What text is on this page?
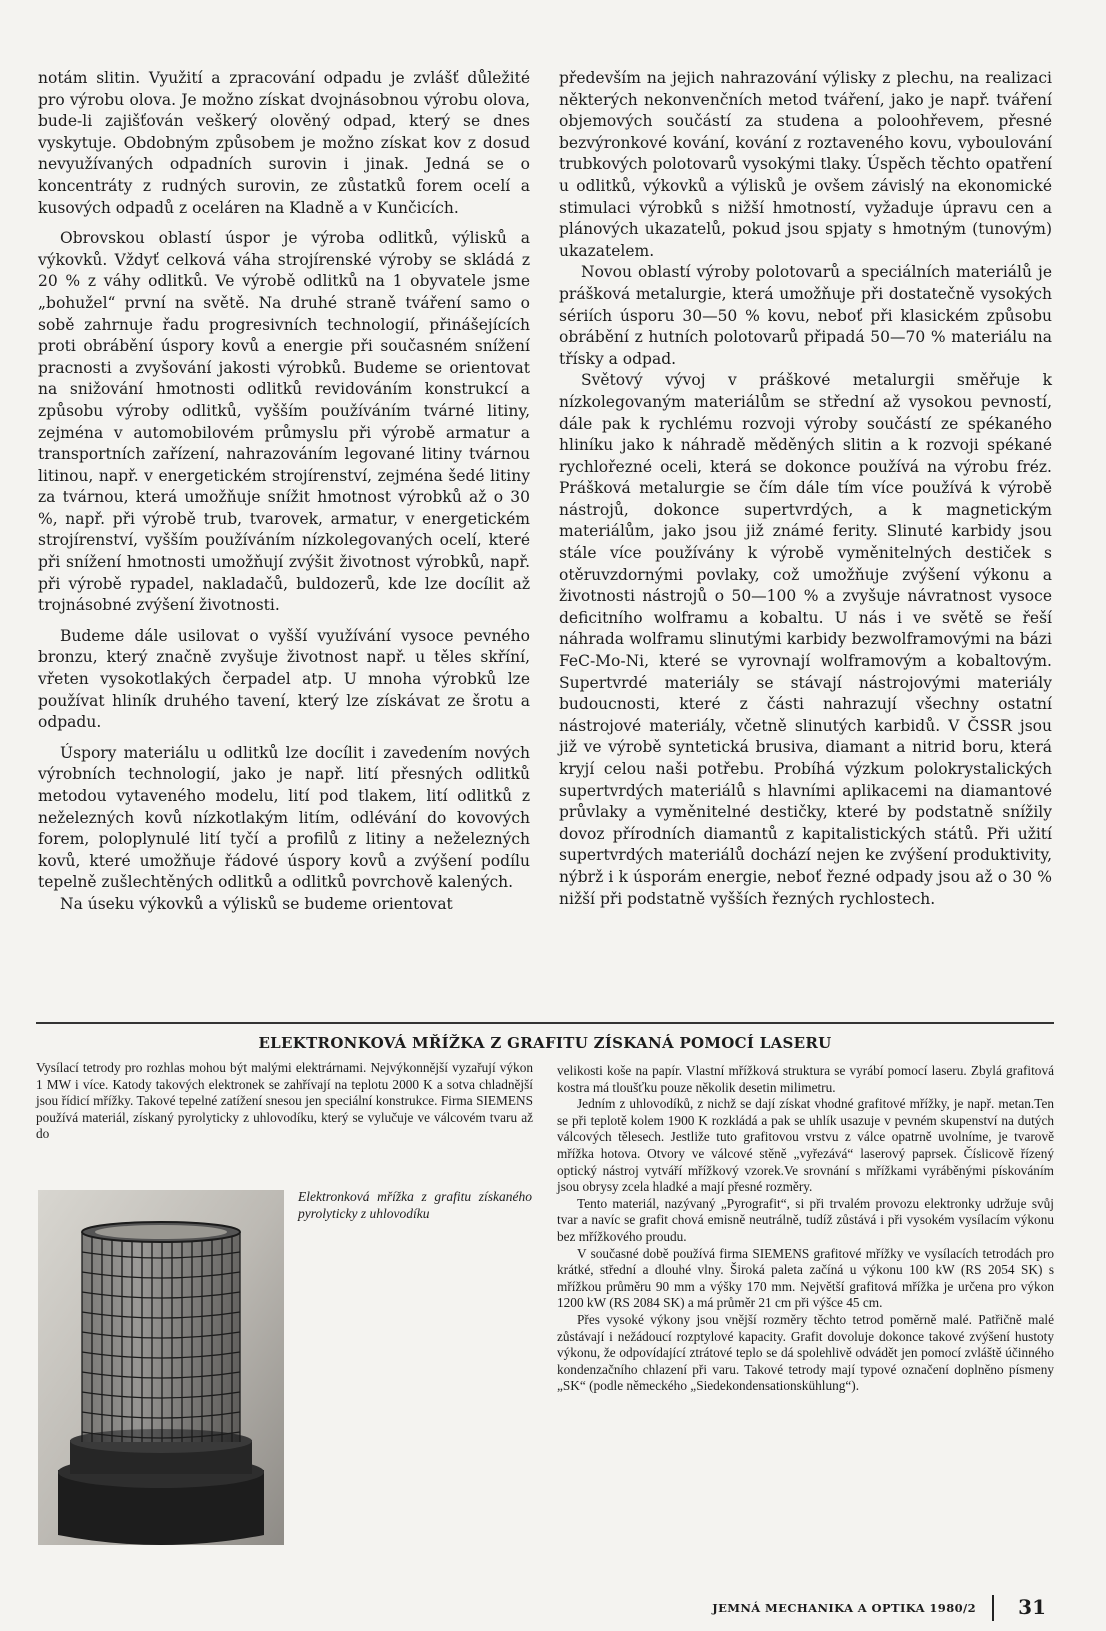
notám slitin. Využití a zpracování odpadu je zvlášť důležité pro výrobu olova. Je možno získat dvojnásobnou výrobu olova, bude-li zajišťován veškerý olověný odpad, který se dnes vyskytuje. Obdobným způsobem je možno získat kov z dosud nevyužívaných odpadních surovin i jinak. Jedná se o koncentráty z rudných surovin, ze zůstatků forem ocelí a kusových odpadů z oceláren na Kladně a v Kunčicích.

Obrovskou oblastí úspor je výroba odlitků, výlisků a výkovků. Vždyť celková váha strojírenské výroby se skládá z 20 % z váhy odlitků. Ve výrobě odlitků na 1 obyvatele jsme „bohužel“ první na světě. Na druhé straně tváření samo o sobě zahrnuje řadu progresivních technologií, přinášejících proti obrábění úspory kovů a energie při současném snížení pracnosti a zvyšování jakosti výrobků. Budeme se orientovat na snižování hmotnosti odlitků revidováním konstrukcí a způsobu výroby odlitků, vyšším používáním tvárné litiny, zejména v automobilovém průmyslu při výrobě armatur a transportních zařízení, nahrazováním legované litiny tvárnou litinou, např. v energetickém strojírenství, zejména šedé litiny za tvárnou, která umožňuje snížit hmotnost výrobků až o 30 %, např. při výrobě trub, tvarovek, armatur, v energetickém strojírenství, vyšším používáním nízkolegovaných ocelí, které při snížení hmotnosti umožňují zvýšit životnost výrobků, např. při výrobě rypadel, nakladačů, buldozerů, kde lze docílit až trojnásobné zvýšení životnosti.

Budeme dále usilovat o vyšší využívání vysoce pevného bronzu, který značně zvyšuje životnost např. u těles skříní, vřeten vysokotlakých čerpadel atp. U mnoha výrobků lze používat hliník druhého tavení, který lze získávat ze šrotu a odpadu.

Úspory materiálu u odlitků lze docílit i zavedením nových výrobních technologií, jako je např. lití přesných odlitků metodou vytaveného modelu, lití pod tlakem, lití odlitků z neželezných kovů nízkotlakým litím, odlévání do kovových forem, poloplynulé lití tyčí a profilů z litiny a neželezných kovů, které umožňuje řádové úspory kovů a zvýšení podílu tepelně zušlechtěných odlitků a odlitků povrchově kalených.

Na úseku výkovků a výlisků se budeme orientovat

především na jejich nahrazování výlisky z plechu, na realizaci některých nekonvenčních metod tváření, jako je např. tváření objemových součástí za studena a poloohřevem, přesné bezvýronkové kování, kování z roztaveného kovu, vyboulování trubkových polotovarů vysokými tlaky. Úspěch těchto opatření u odlitků, výkovků a výlisků je ovšem závislý na ekonomické stimulaci výrobků s nižší hmotností, vyžaduje úpravu cen a plánových ukazatelů, pokud jsou spjaty s hmotným (tunovým) ukazatelem.

Novou oblastí výroby polotovarů a speciálních materiálů je prášková metalurgie, která umožňuje při dostatečně vysokých sériích úsporu 30—50 % kovu, neboť při klasickém způsobu obrábění z hutních polotovarů připadá 50—70 % materiálu na třísky a odpad.

Světový vývoj v práškové metalurgii směřuje k nízkolegovaným materiálům se střední až vysokou pevností, dále pak k rychlému rozvoji výroby součástí ze spékaného hliníku jako k náhradě měděných slitin a k rozvoji spékané rychlořezné oceli, která se dokonce používá na výrobu fréz. Prášková metalurgie se čím dále tím více používá k výrobě nástrojů, dokonce supertvrdých, a k magnetickým materiálům, jako jsou již známé ferity. Slinuté karbidy jsou stále více používány k výrobě vyměnitelných destiček s otěruvzdornými povlaky, což umožňuje zvýšení výkonu a životnosti nástrojů o 50—100 % a zvyšuje návratnost vysoce deficitního wolframu a kobaltu. U nás i ve světě se řeší náhrada wolframu slinutými karbidy bezwolframovými na bázi FeC-Mo-Ni, které se vyrovnají wolframovým a kobaltovým. Supertvrdé materiály se stávají nástrojovými materiály budoucnosti, které z části nahrazují všechny ostatní nástrojové materiály, včetně slinutých karbidů. V ČSSR jsou již ve výrobě syntetická brusiva, diamant a nitrid boru, která kryjí celou naši potřebu. Probíhá výzkum polokrystalických supertvrdých materiálů s hlavními aplikacemi na diamantové průvlaky a vyměnitelné destičky, které by podstatně snížily dovoz přírodních diamantů z kapitalistických států. Při užití supertvrdých materiálů dochází nejen ke zvýšení produktivity, nýbrž i k úsporám energie, neboť řezné odpady jsou až o 30 % nižší při podstatně vyšších řezných rychlostech.

ELEKTRONKOVÁ MŘÍŽKA Z GRAFITU ZÍSKANÁ POMOCÍ LASERU

Vysílací tetrody pro rozhlas mohou být malými elektrárnami. Nejvýkonnější vyzařují výkon 1 MW i více. Katody takových elektronek se zahřívají na teplotu 2000 K a sotva chladnější jsou řídicí mřížky. Takové tepelné zatížení snesou jen speciální konstrukce. Firma SIEMENS používá materiál, získaný pyrolyticky z uhlovodíku, který se vylučuje ve válcovém tvaru až do

Elektronková mřížka z grafitu získaného pyrolyticky z uhlovodíku

velikosti koše na papír. Vlastní mřížková struktura se vyrábí pomocí laseru. Zbylá grafitová kostra má tloušťku pouze několik desetin milimetru.

Jedním z uhlovodíků, z nichž se dají získat vhodné grafitové mřížky, je např. metan.Ten se při teplotě kolem 1900 K rozkládá a pak se uhlík usazuje v pevném skupenství na dutých válcových tělesech. Jestliže tuto grafitovou vrstvu z válce opatrně uvolníme, je tvarově mřížka hotova. Otvory ve válcové stěně „vyřezává“ laserový paprsek. Číslicově řízený optický nástroj vytváří mřížkový vzorek.Ve srovnání s mřížkami vyráběnými pískováním jsou obrysy zcela hladké a mají přesné rozměry.

Tento materiál, nazývaný „Pyrografit“, si při trvalém provozu elektronky udržuje svůj tvar a navíc se grafit chová emisně neutrálně, tudíž zůstává i při vysokém vysílacím výkonu bez mřížkového proudu.

V současné době používá firma SIEMENS grafitové mřížky ve vysílacích tetrodách pro krátké, střední a dlouhé vlny. Široká paleta začíná u výkonu 100 kW (RS 2054 SK) s mřížkou průměru 90 mm a výšky 170 mm. Největší grafitová mřížka je určena pro výkon 1200 kW (RS 2084 SK) a má průměr 21 cm při výšce 45 cm.

Přes vysoké výkony jsou vnější rozměry těchto tetrod poměrně malé. Patřičně malé zůstávají i nežádoucí rozptylové kapacity. Grafit dovoluje dokonce takové zvýšení hustoty výkonu, že odpovídající ztrátové teplo se dá spolehlivě odvádět jen pomocí zvláště účinného kondenzačního chlazení při varu. Takové tetrody mají typové označení doplněno písmeny „SK“ (podle německého „Siedekondensationskühlung“).

JEMNÁ MECHANIKA A OPTIKA 1980/2 31
